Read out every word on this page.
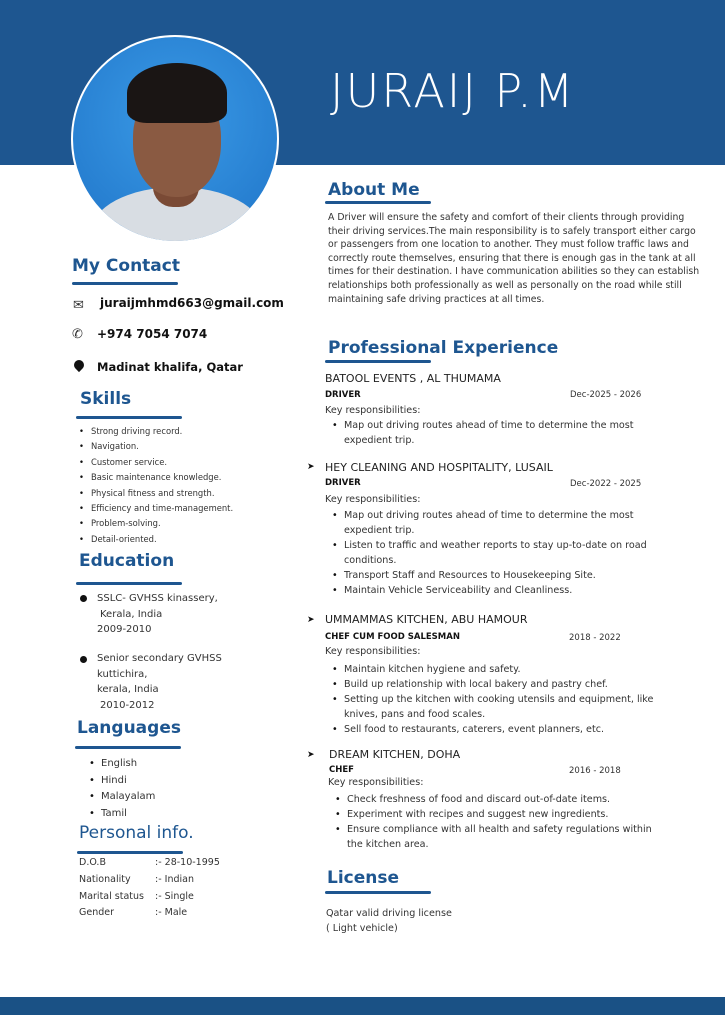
JURAIJ P.M
My Contact
✉ juraijmhmd663@gmail.com
✆ +974 7054 7074
Madinat khalifa, Qatar
Skills
• Strong driving record.
• Navigation.
• Customer service.
• Basic maintenance knowledge.
• Physical fitness and strength.
• Efficiency and time-management.
• Problem-solving.
• Detail-oriented.
Education
SSLC- GVHSS kinassery,
Kerala, India
2009-2010
Senior secondary GVHSS
kuttichira,
kerala, India
2010-2012
Languages
• English
• Hindi
• Malayalam
• Tamil
Personal info.
D.O.B	:- 28-10-1995
Nationality	:- Indian
Marital status :- Single
Gender	:- Male
About Me
A Driver will ensure the safety and comfort of their clients through providing their driving services.The main responsibility is to safely transport either cargo or passengers from one location to another. They must follow traffic laws and correctly route themselves, ensuring that there is enough gas in the tank at all times for their destination. I have communication abilities so they can establish relationships both professionally as well as personally on the road while still maintaining safe driving practices at all times.
Professional Experience
BATOOL EVENTS , AL THUMAMA
DRIVER	Dec-2025 - 2026
Key responsibilities:
• Map out driving routes ahead of time to determine the most expedient trip.
➤ HEY CLEANING AND HOSPITALITY, LUSAIL
DRIVER	Dec-2022 - 2025
Key responsibilities:
• Map out driving routes ahead of time to determine the most expedient trip.
• Listen to traffic and weather reports to stay up-to-date on road conditions.
• Transport Staff and Resources to Housekeeping Site.
• Maintain Vehicle Serviceability and Cleanliness.
➤ UMMAMMAS KITCHEN, ABU HAMOUR
CHEF CUM FOOD SALESMAN	2018 - 2022
Key responsibilities:
• Maintain kitchen hygiene and safety.
• Build up relationship with local bakery and pastry chef.
• Setting up the kitchen with cooking utensils and equipment, like knives, pans and food scales.
• Sell food to restaurants, caterers, event planners, etc.
➤ DREAM KITCHEN, DOHA
CHEF	2016 - 2018
Key responsibilities:
• Check freshness of food and discard out-of-date items.
• Experiment with recipes and suggest new ingredients.
• Ensure compliance with all health and safety regulations within the kitchen area.
License
Qatar valid driving license
( Light vehicle)
